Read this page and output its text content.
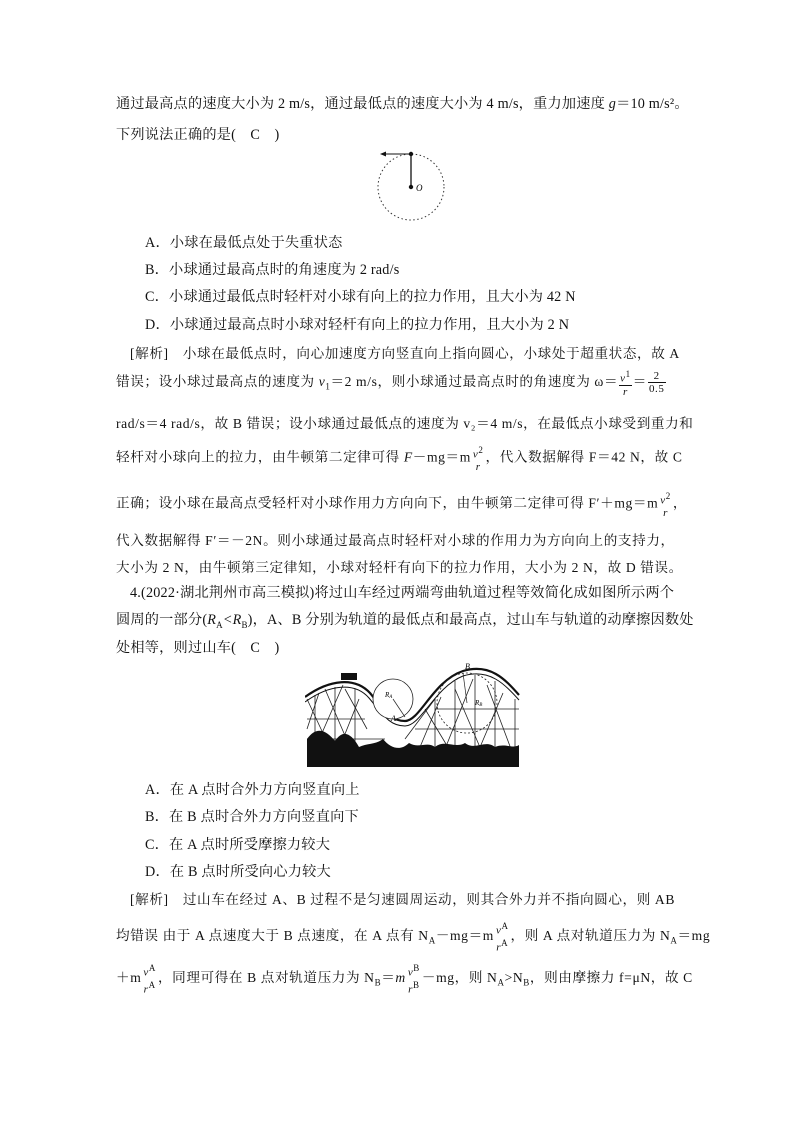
通过最高点的速度大小为 2 m/s，通过最低点的速度大小为 4 m/s，重力加速度 g＝10 m/s²。
下列说法正确的是(　C　)
O
A．小球在最低点处于失重状态
B．小球通过最高点时的角速度为 2 rad/s
C．小球通过最低点时轻杆对小球有向上的拉力作用，且大小为 42 N
D．小球通过最高点时小球对轻杆有向上的拉力作用，且大小为 2 N
[解析]　小球在最低点时，向心加速度方向竖直向上指向圆心，小球处于超重状态，故 A
错误；设小球过最高点的速度为 $v_1=2$ m/s，则小球通过最高点时的角速度为 $\omega= \frac{v^1}{r} = \frac{2}{0.5}$
rad/s＝4 rad/s，故 B 错误；设小球通过最低点的速度为 v₂＝4 m/s，在最低点小球受到重力和
轻杆对小球向上的拉力，由牛顿第二定律可得 F－mg＝m $v^2$
r
，代入数据解得 F＝42 N，故 C
正确；设小球在最高点受轻杆对小球作用力方向向下，由牛顿第二定律可得 F′＋mg＝m $v^2$
r
，
代入数据解得 F′＝－2N。则小球通过最高点时轻杆对小球的作用力为方向向上的支持力，
大小为 2 N，由牛顿第三定律知，小球对轻杆有向下的拉力作用，大小为 2 N，故 D 错误。
4.(2022·湖北荆州市高三模拟)将过山车经过两端弯曲轨道过程等效简化成如图所示两个
圆周的一部分$(R_A<R_B)$，A、B 分别为轨道的最低点和最高点，过山车与轨道的动摩擦因数处
处相等，则过山车(　C　)
B
A
RA
RB
A．在 A 点时合外力方向竖直向上
B．在 B 点时合外力方向竖直向下
C．在 A 点时所受摩擦力较大
D．在 B 点时所受向心力较大
[解析]　过山车在经过 A、B 过程不是匀速圆周运动，则其合外力并不指向圆心，则 AB
均错误 由于 A 点速度大于 B 点速度，在 A 点有 $N_A-mg=m$ $v^A$
$r^A$ ，则 A 点对轨道压力为 $N_A=mg$
＋m $v^A$
$r^A$ ，同理可得在 B 点对轨道压力为 $N_B=m$ $v^B$
$r^B -mg$，则 $N_A>N_B$，则由摩擦力 f=μN，故 C
